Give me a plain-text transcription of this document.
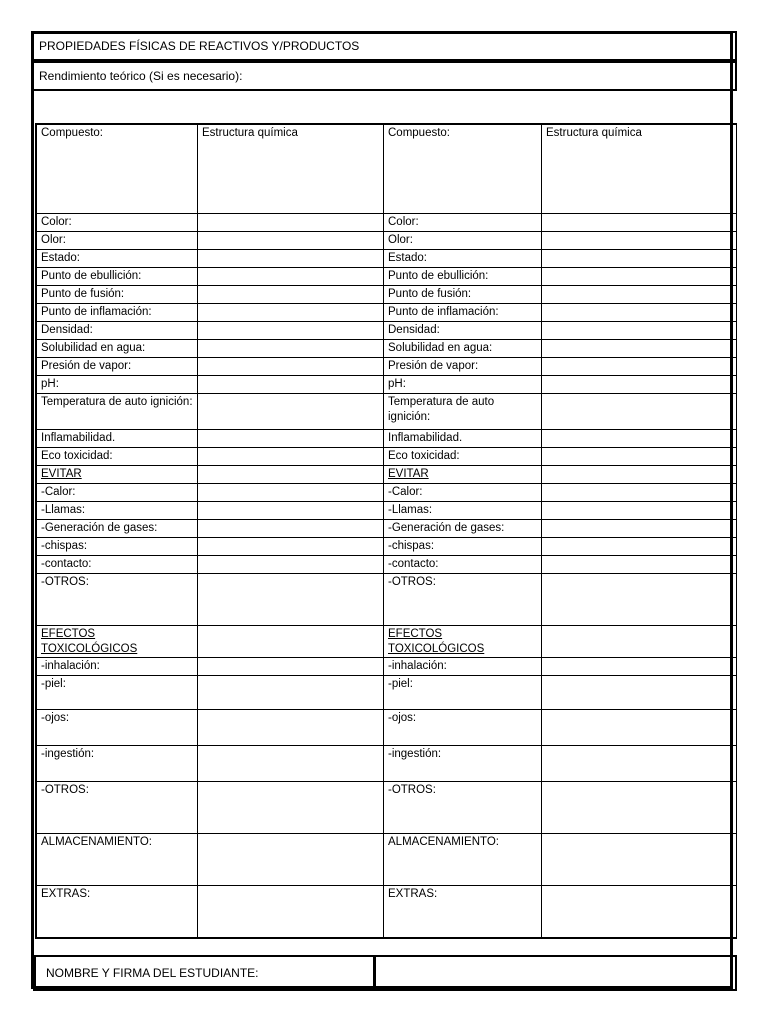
PROPIEDADES FÍSICAS DE REACTIVOS Y/PRODUCTOS
Rendimiento teórico (Si es necesario):
Compuesto:	Estructura química	Compuesto:	Estructura química
Color:		Color:	
Olor:		Olor:	
Estado:		Estado:	
Punto de ebullición:		Punto de ebullición:	
Punto de fusión:		Punto de fusión:	
Punto de inflamación:		Punto de inflamación:	
Densidad:		Densidad:	
Solubilidad en agua:		Solubilidad en agua:	
Presión de vapor:		Presión de vapor:	
pH:		pH:	
Temperatura de auto ignición:		Temperatura de auto ignición:	
Inflamabilidad.		Inflamabilidad.	
Eco toxicidad:		Eco toxicidad:	
EVITAR		EVITAR	
-Calor:		-Calor:	
-Llamas:		-Llamas:	
-Generación de gases:		-Generación de gases:	
-chispas:		-chispas:	
-contacto:		-contacto:	
-OTROS:		-OTROS:	
EFECTOS TOXICOLÓGICOS		EFECTOS TOXICOLÓGICOS	
-inhalación:		-inhalación:	
-piel:		-piel:	
-ojos:		-ojos:	
-ingestión:		-ingestión:	
-OTROS:		-OTROS:	
ALMACENAMIENTO:		ALMACENAMIENTO:	
EXTRAS:		EXTRAS:	
NOMBRE Y FIRMA DEL ESTUDIANTE:
